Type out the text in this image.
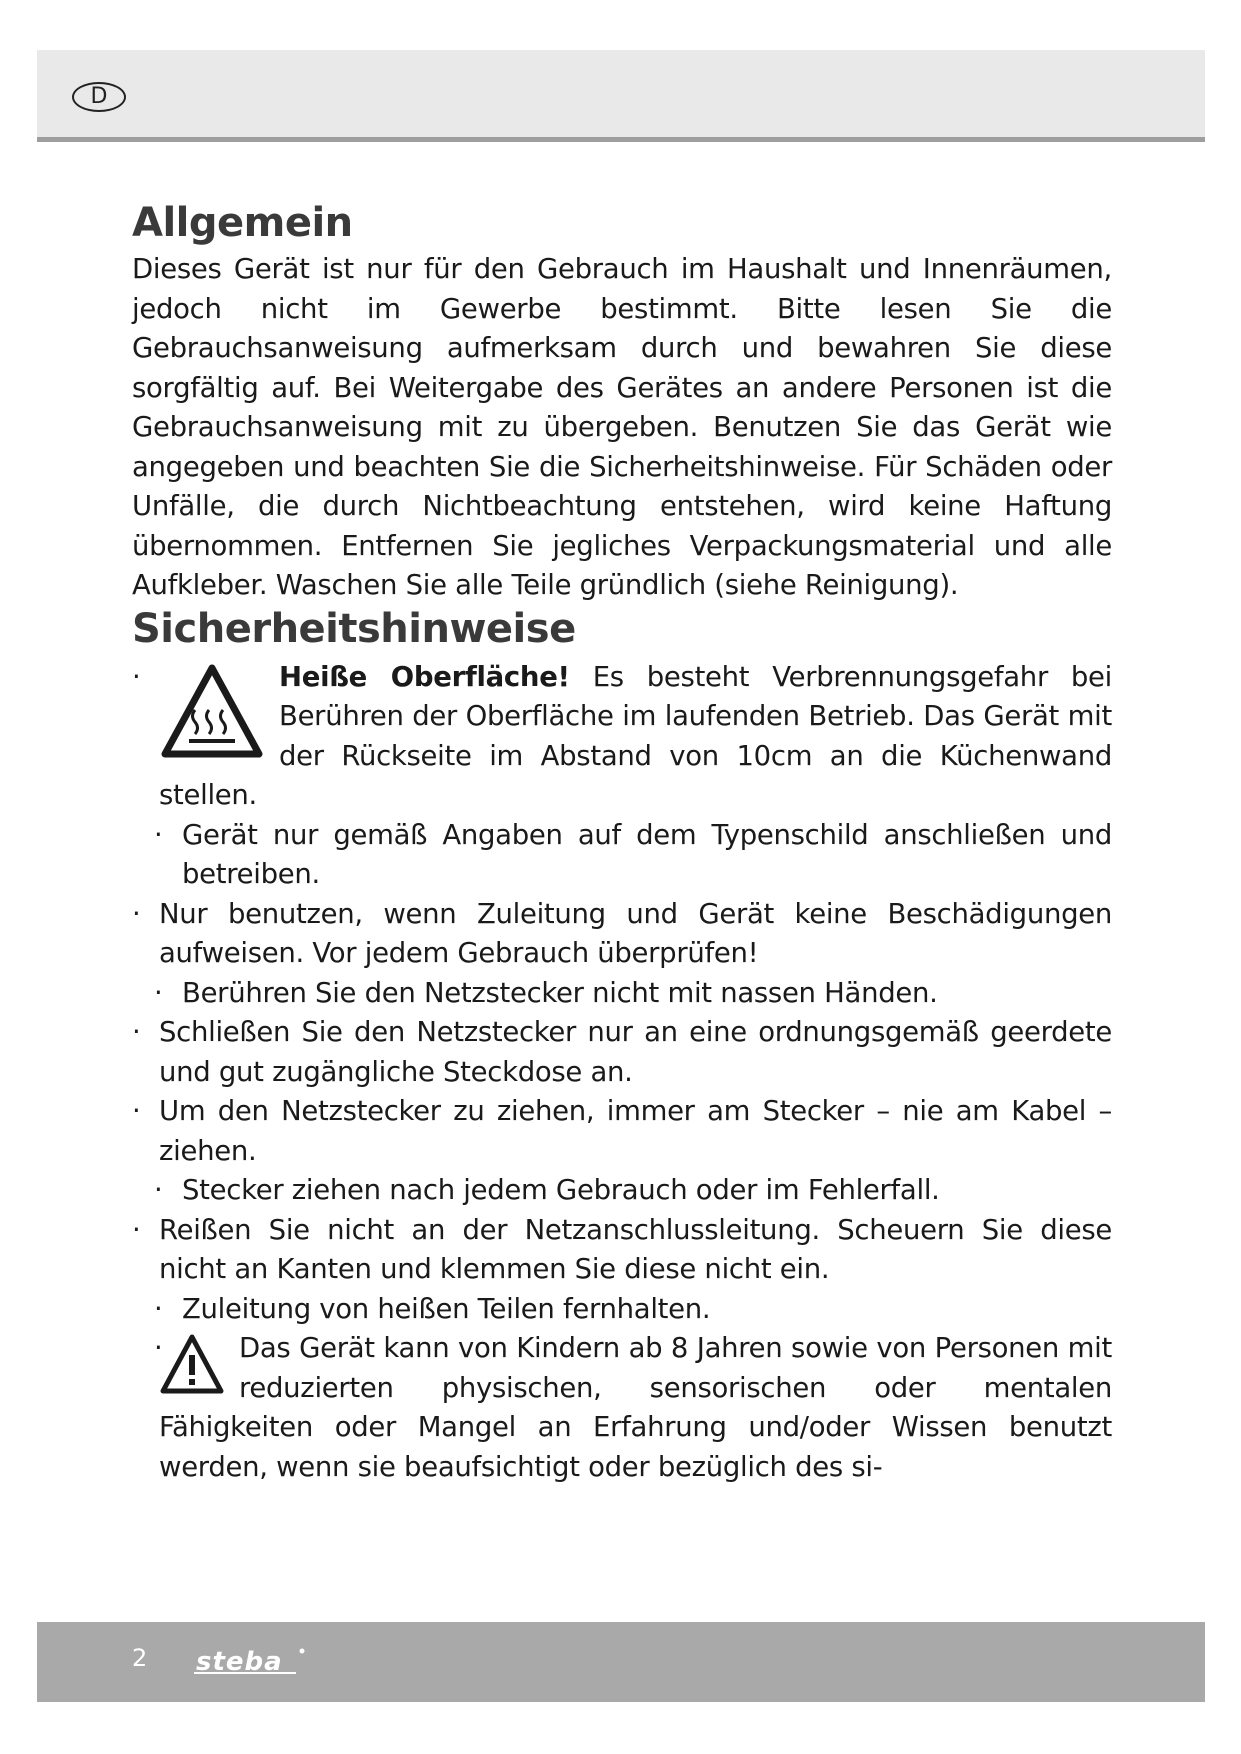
D
Allgemein

Dieses Gerät ist nur für den Gebrauch im Haushalt und Innenräumen, jedoch nicht im Gewerbe bestimmt. Bitte lesen Sie die Gebrauchsanweisung aufmerksam durch und bewahren Sie diese sorgfältig auf. Bei Weitergabe des Gerätes an andere Personen ist die Gebrauchsanweisung mit zu übergeben. Benutzen Sie das Gerät wie angegeben und beachten Sie die Sicherheitshinweise. Für Schäden oder Unfälle, die durch Nichtbeachtung entstehen, wird keine Haftung übernommen. Entfernen Sie jegliches Verpackungsmaterial und alle Aufkleber. Waschen Sie alle Teile gründlich (siehe Reinigung).

Sicherheitshinweise
·	Heiße Oberfläche! Es besteht Verbrennungsgefahr bei Berühren der Oberfläche im laufenden Betrieb. Das Gerät mit der Rückseite im Abstand von 10cm an die Küchenwand stellen.
· Gerät nur gemäß Angaben auf dem Typenschild anschließen und betreiben.
· Nur benutzen, wenn Zuleitung und Gerät keine Beschädigungen aufweisen. Vor jedem Gebrauch überprüfen!
· Berühren Sie den Netzstecker nicht mit nassen Händen.
· Schließen Sie den Netzstecker nur an eine ordnungsgemäß geerdete und gut zugängliche Steckdose an.
· Um den Netzstecker zu ziehen, immer am Stecker – nie am Kabel – ziehen.
· Stecker ziehen nach jedem Gebrauch oder im Fehlerfall.
· Reißen Sie nicht an der Netzanschlussleitung. Scheuern Sie diese nicht an Kanten und klemmen Sie diese nicht ein.
· Zuleitung von heißen Teilen fernhalten.
·	Das Gerät kann von Kindern ab 8 Jahren sowie von Personen mit reduzierten physischen, sensorischen oder mentalen Fähigkeiten oder Mangel an Erfahrung und/oder Wissen benutzt werden, wenn sie beaufsichtigt oder bezüglich des si-
2 steba
